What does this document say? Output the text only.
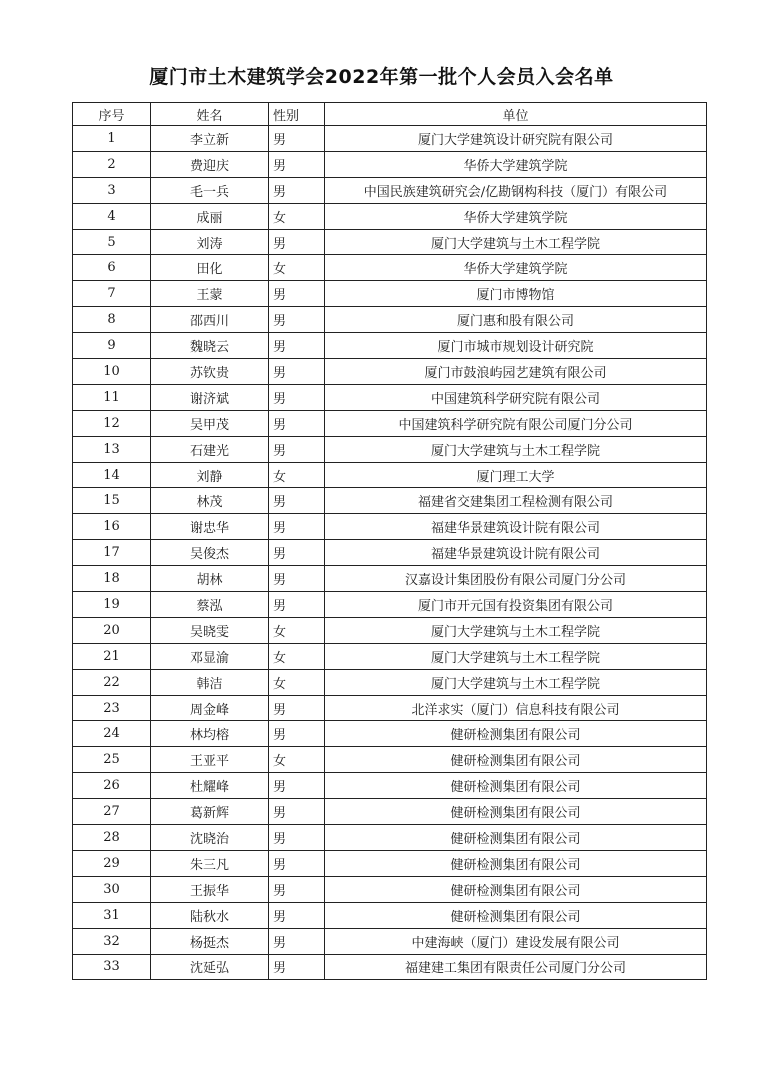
厦门市土木建筑学会2022年第一批个人会员入会名单
序号	姓名	性别	单位
1	李立新	男	厦门大学建筑设计研究院有限公司
2	费迎庆	男	华侨大学建筑学院
3	毛一兵	男	中国民族建筑研究会/亿勘钢构科技（厦门）有限公司
4	成丽	女	华侨大学建筑学院
5	刘涛	男	厦门大学建筑与土木工程学院
6	田化	女	华侨大学建筑学院
7	王蒙	男	厦门市博物馆
8	邵西川	男	厦门惠和股有限公司
9	魏晓云	男	厦门市城市规划设计研究院
10	苏钦贵	男	厦门市鼓浪屿园艺建筑有限公司
11	谢济斌	男	中国建筑科学研究院有限公司
12	吴甲茂	男	中国建筑科学研究院有限公司厦门分公司
13	石建光	男	厦门大学建筑与土木工程学院
14	刘静	女	厦门理工大学
15	林茂	男	福建省交建集团工程检测有限公司
16	谢忠华	男	福建华景建筑设计院有限公司
17	吴俊杰	男	福建华景建筑设计院有限公司
18	胡林	男	汉嘉设计集团股份有限公司厦门分公司
19	蔡泓	男	厦门市开元国有投资集团有限公司
20	吴晓雯	女	厦门大学建筑与土木工程学院
21	邓显渝	女	厦门大学建筑与土木工程学院
22	韩洁	女	厦门大学建筑与土木工程学院
23	周金峰	男	北洋求实（厦门）信息科技有限公司
24	林均榕	男	健研检测集团有限公司
25	王亚平	女	健研检测集团有限公司
26	杜耀峰	男	健研检测集团有限公司
27	葛新辉	男	健研检测集团有限公司
28	沈晓治	男	健研检测集团有限公司
29	朱三凡	男	健研检测集团有限公司
30	王振华	男	健研检测集团有限公司
31	陆秋水	男	健研检测集团有限公司
32	杨挺杰	男	中建海峡（厦门）建设发展有限公司
33	沈延弘	男	福建建工集团有限责任公司厦门分公司
